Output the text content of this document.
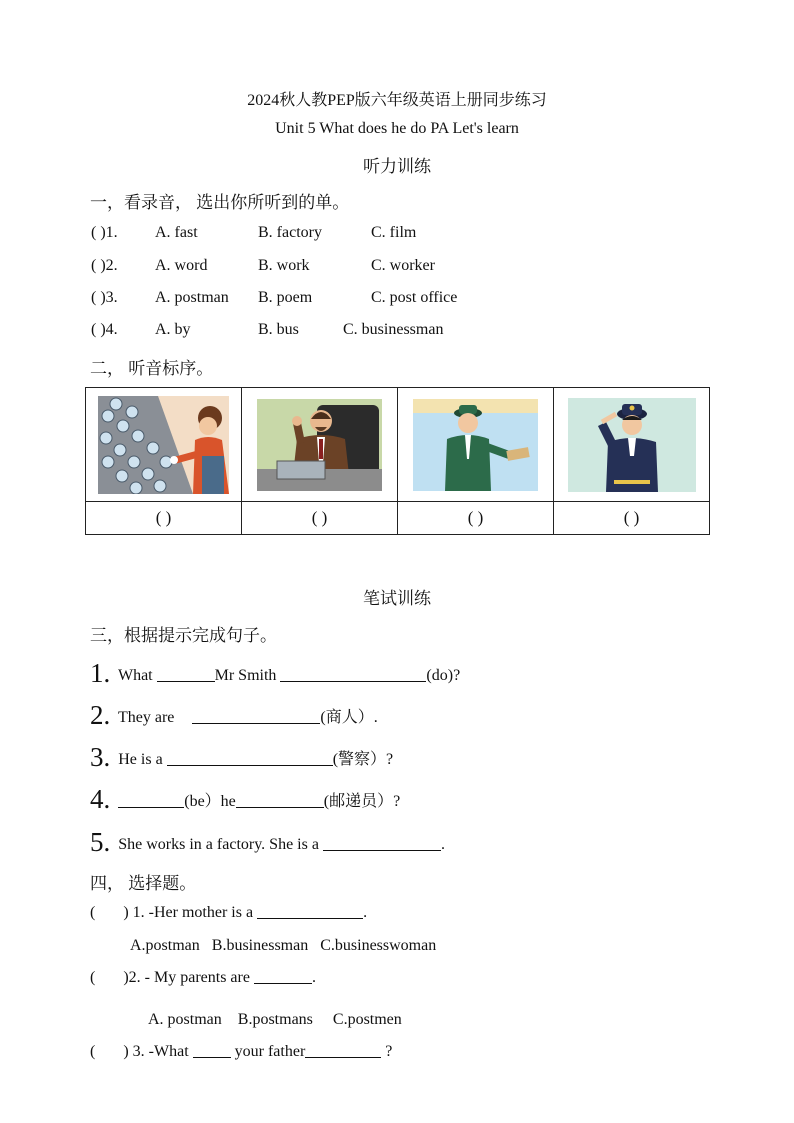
2024秋人教PEP版六年级英语上册同步练习
Unit 5 What does he do PA Let's learn
听力训练
一，看录音， 选出你所听到的单。
( )1. A. fast	B. factory	C. film
( )2. A. word	B. work	C. worker
( )3. A. postman B. poem	C. post office
( )4. A. by	B. bus	C. businessman
二， 听音标序。

( )	( )	( )	( )
笔试训练
三，根据提示完成句子。
1. What	Mr Smith	(do)?
2. They are	(商人）.
3. He is a	(警察）?
4.	(be）he	(邮递员）?
5. She works in a factory. She is a	.
四， 选择题。
(       ) 1. -Her mother is a	.
A.postman   B.businessman   C.businesswoman
(       )2. - My parents are	.
A. postman    B.postmans     C.postmen
(       ) 3. -What	your father	?
